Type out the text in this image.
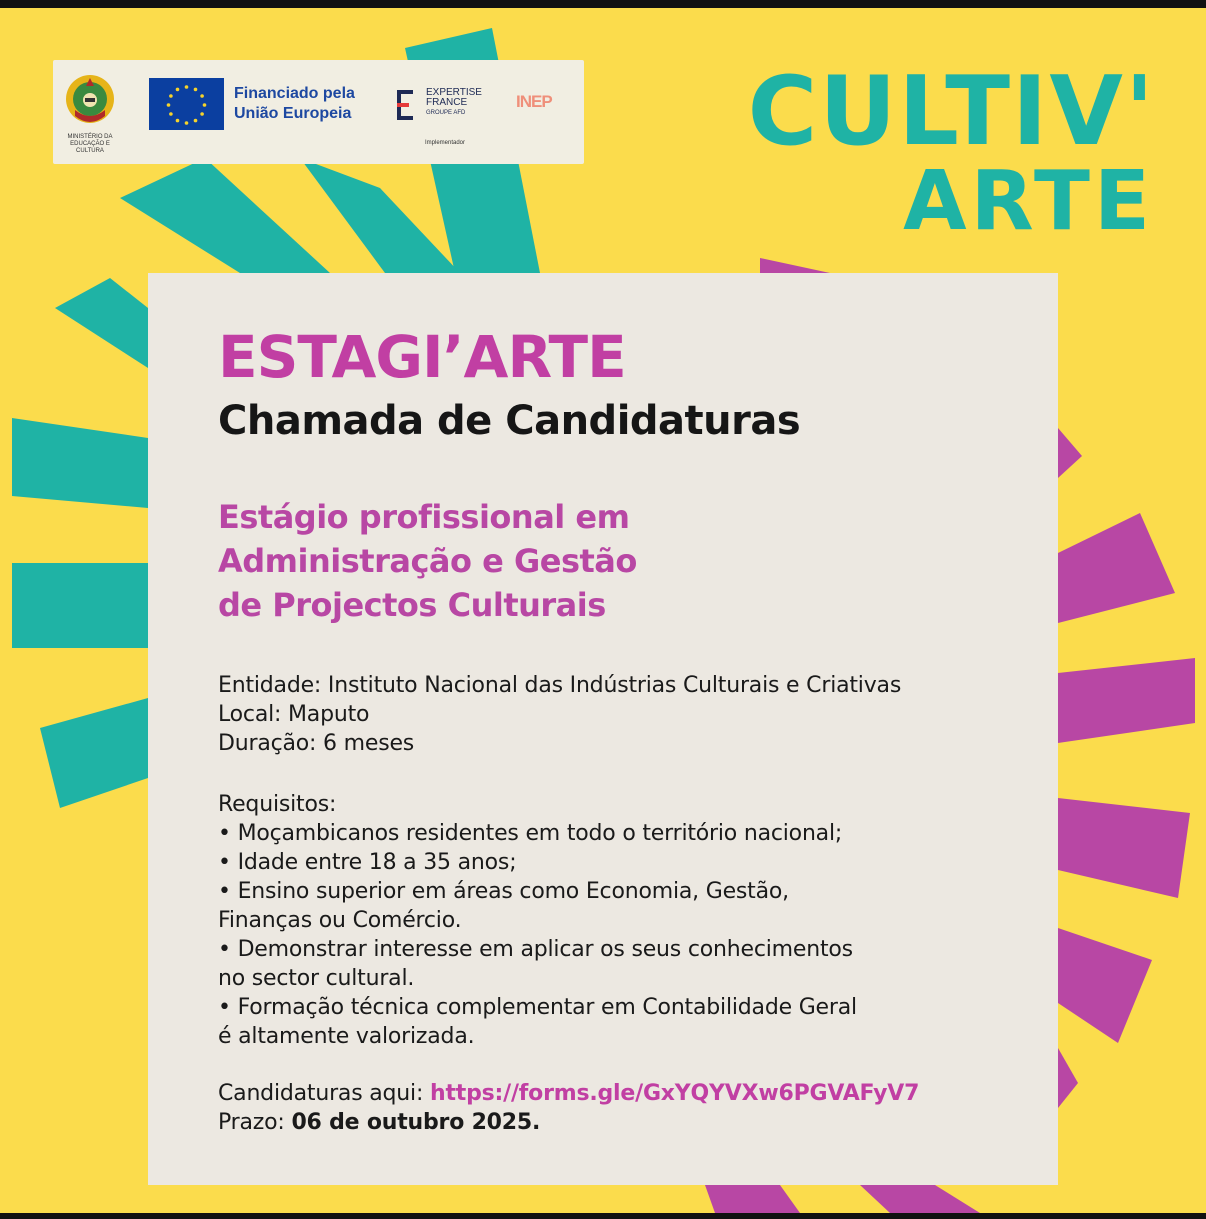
MINISTÉRIO DA EDUCAÇÃO E CULTURA
Financiado pela
União Europeia
EXPERTISE
FRANCE
GROUPE AFD
Implementador
INEP CULTIV'
ARTE
ESTAGI’ARTE
Chamada de Candidaturas
Estágio profissional em
Administração e Gestão
de Projectos Culturais

Entidade: Instituto Nacional das Indústrias Culturais e Criativas

Local: Maputo

Duração: 6 meses

Requisitos:

• Moçambicanos residentes em todo o território nacional;

• Idade entre 18 a 35 anos;

• Ensino superior em áreas como Economia, Gestão,

Finanças ou Comércio.

• Demonstrar interesse em aplicar os seus conhecimentos

no sector cultural.

• Formação técnica complementar em Contabilidade Geral

é altamente valorizada.

Candidaturas aqui: https://forms.gle/GxYQYVXw6PGVAFyV7

Prazo: 06 de outubro 2025.
